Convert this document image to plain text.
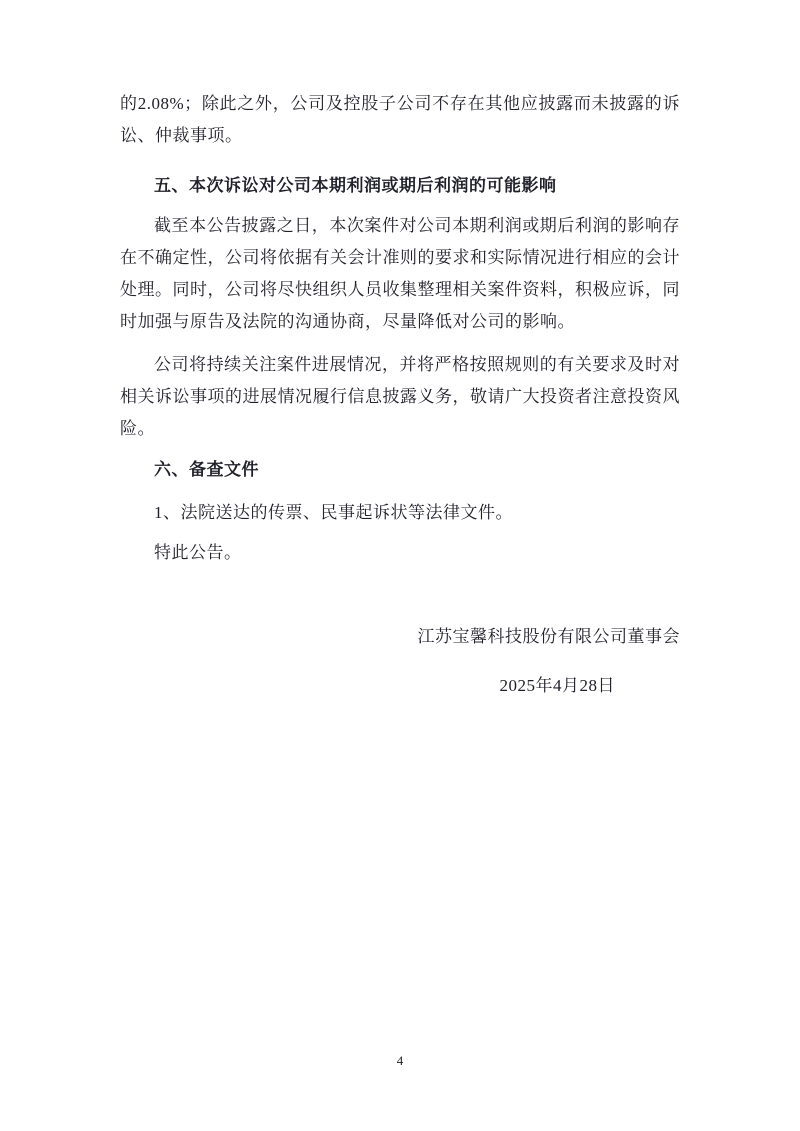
的2.08%；除此之外，公司及控股子公司不存在其他应披露而未披露的诉讼、仲裁事项。

五、本次诉讼对公司本期利润或期后利润的可能影响

截至本公告披露之日，本次案件对公司本期利润或期后利润的影响存在不确定性，公司将依据有关会计准则的要求和实际情况进行相应的会计处理。同时，公司将尽快组织人员收集整理相关案件资料，积极应诉，同时加强与原告及法院的沟通协商，尽量降低对公司的影响。

公司将持续关注案件进展情况，并将严格按照规则的有关要求及时对相关诉讼事项的进展情况履行信息披露义务，敬请广大投资者注意投资风险。

六、备查文件

1、法院送达的传票、民事起诉状等法律文件。

特此公告。

江苏宝馨科技股份有限公司董事会

2025年4月28日

4
